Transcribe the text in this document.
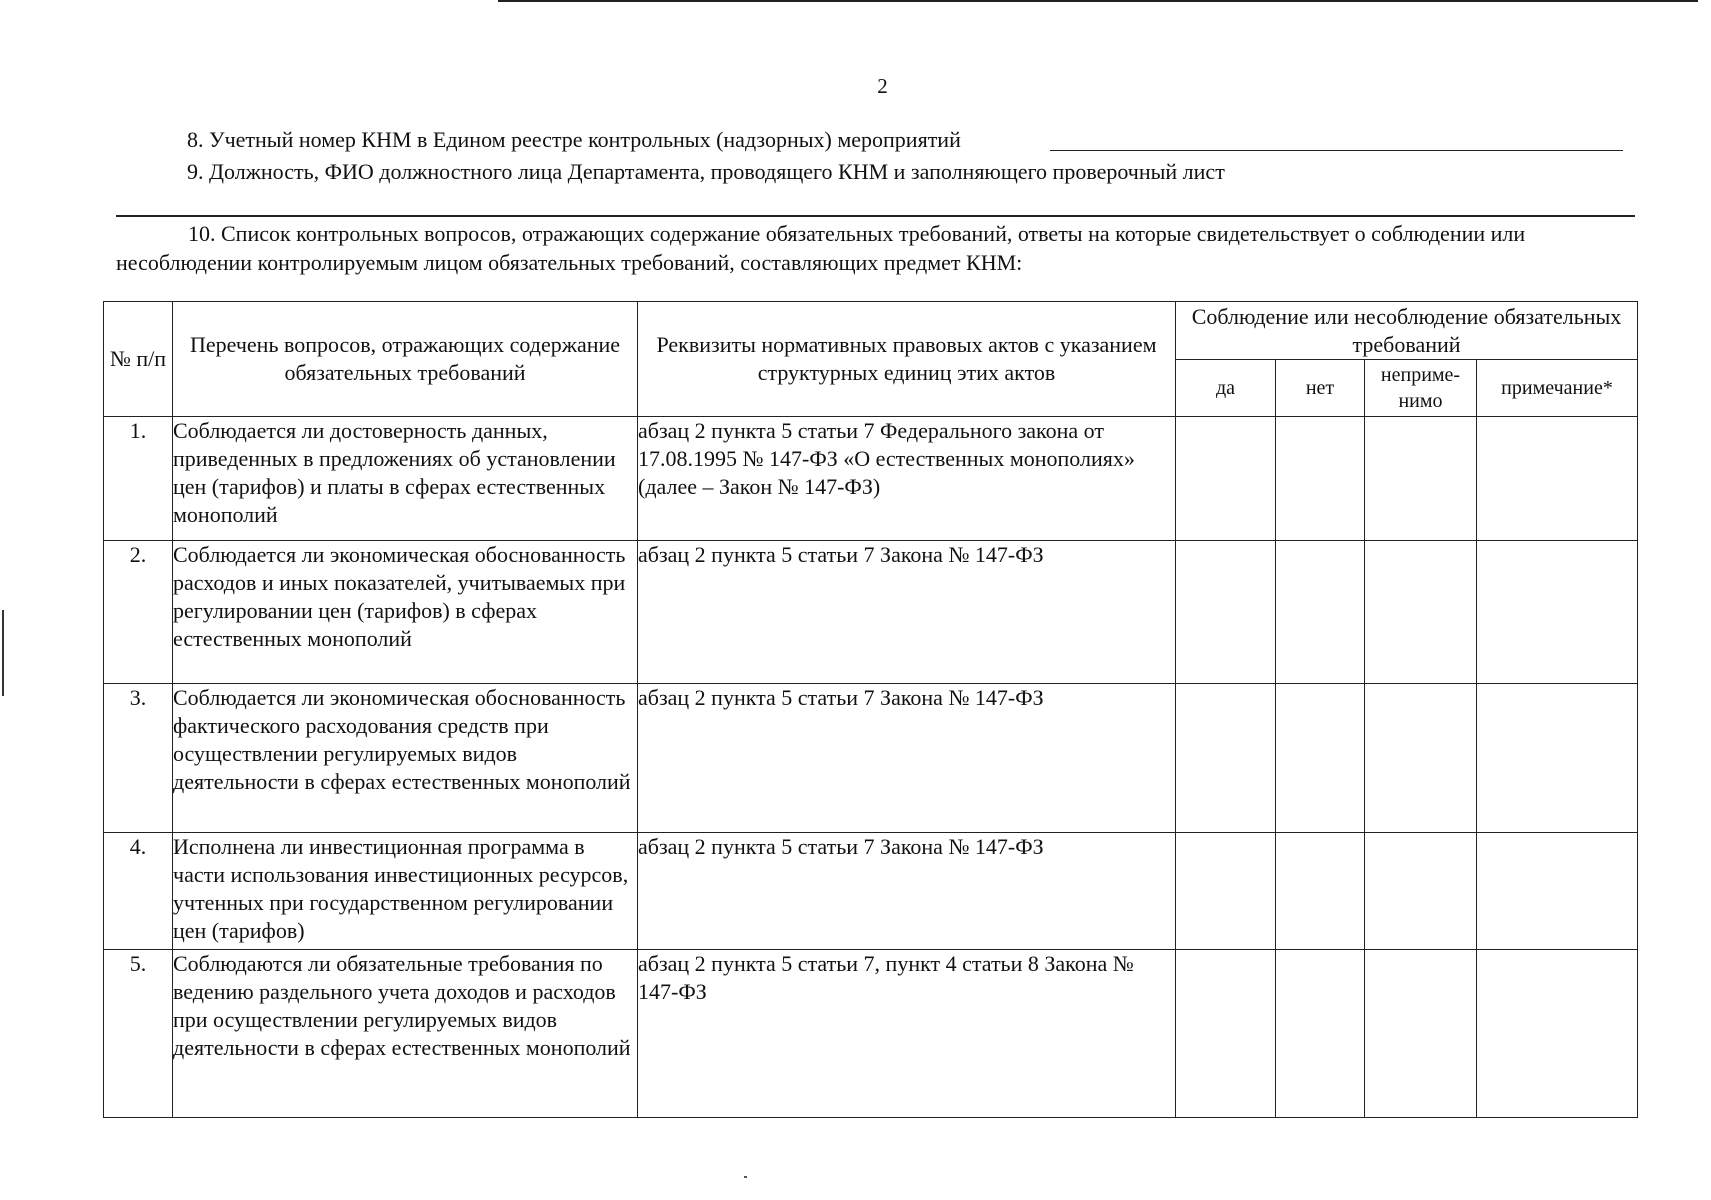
2
8. Учетный номер КНМ в Едином реестре контрольных (надзорных) мероприятий
9. Должность, ФИО должностного лица Департамента, проводящего КНМ и заполняющего проверочный лист
10. Список контрольных вопросов, отражающих содержание обязательных требований, ответы на которые свидетельствует о соблюдении или несоблюдении контролируемым лицом обязательных требований, составляющих предмет КНМ:
№ п/п	Перечень вопросов, отражающих содержание обязательных требований	Реквизиты нормативных правовых актов с указанием структурных единиц этих актов	Соблюдение или несоблюдение обязательных требований			
			да	нет	неприме-нимо	примечание*
1.	Соблюдается ли достоверность данных, приведенных в предложениях об установлении цен (тарифов) и платы в сферах естественных монополий	абзац 2 пункта 5 статьи 7 Федерального закона от 17.08.1995 № 147-ФЗ «О естественных монополиях» (далее – Закон № 147-ФЗ)				
2.	Соблюдается ли экономическая обоснованность расходов и иных показателей, учитываемых при регулировании цен (тарифов) в сферах естественных монополий	абзац 2 пункта 5 статьи 7 Закона № 147-ФЗ				
3.	Соблюдается ли экономическая обоснованность фактического расходования средств при осуществлении регулируемых видов деятельности в сферах естественных монополий	абзац 2 пункта 5 статьи 7 Закона № 147-ФЗ				
4.	Исполнена ли инвестиционная программа в части использования инвестиционных ресурсов, учтенных при государственном регулировании цен (тарифов)	абзац 2 пункта 5 статьи 7 Закона № 147-ФЗ				
5.	Соблюдаются ли обязательные требования по ведению раздельного учета доходов и расходов при осуществлении регулируемых видов деятельности в сферах естественных монополий	абзац 2 пункта 5 статьи 7, пункт 4 статьи 8 Закона № 147-ФЗ				
